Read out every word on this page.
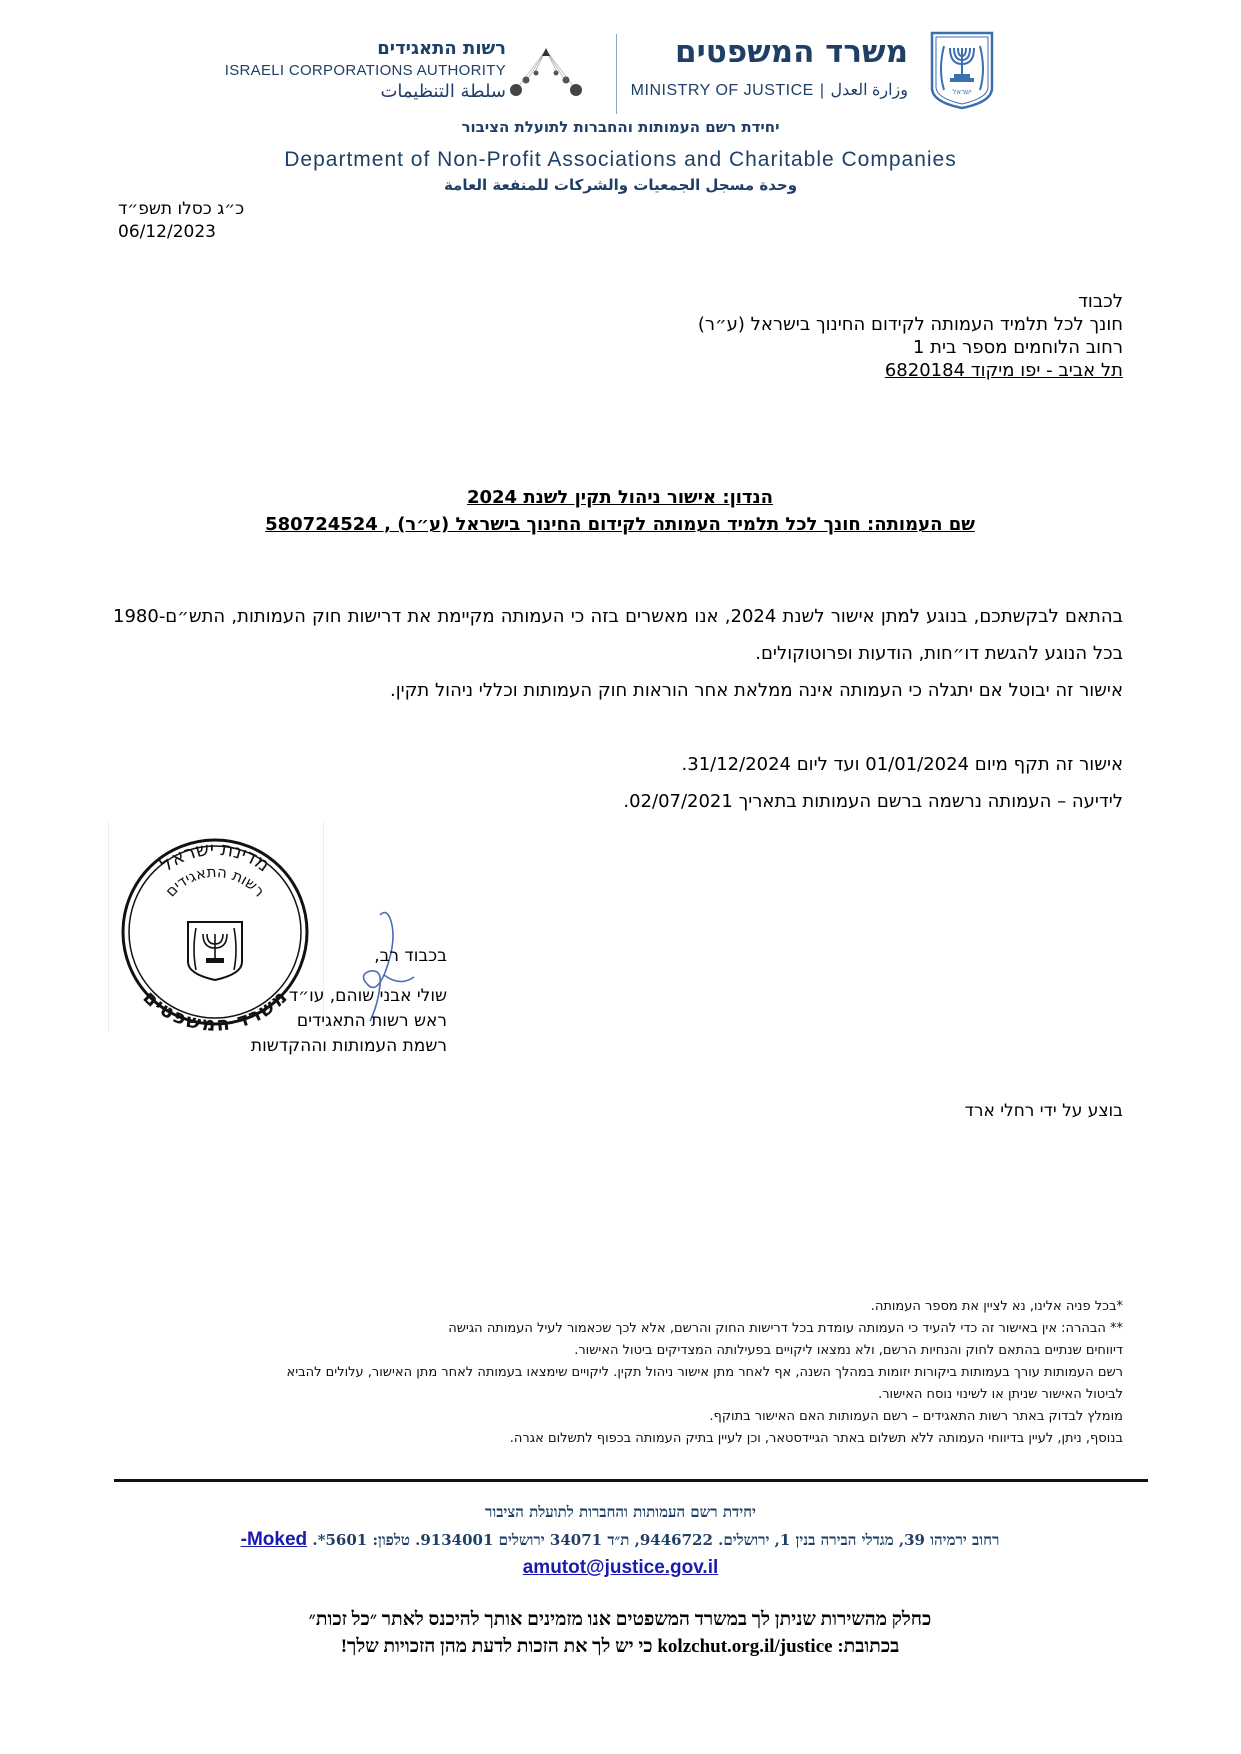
משרד המשפטים
MINISTRY OF JUSTICE | وزارة العدل	ישראל
רשות התאגידים
ISRAELI CORPORATIONS AUTHORITY
سلطة التنظيمات
יחידת רשם העמותות והחברות לתועלת הציבור
Department of Non-Profit Associations and Charitable Companies
وحدة مسجل الجمعيات والشركات للمنفعة العامة
כ״ג כסלו תשפ״ד
06/12/2023
לכבוד
חונך לכל תלמיד העמותה לקידום החינוך בישראל (ע״ר)
רחוב הלוחמים מספר בית 1
תל אביב - יפו מיקוד 6820184
הנדון: אישור ניהול תקין לשנת 2024
שם העמותה: חונך לכל תלמיד העמותה לקידום החינוך בישראל (ע״ר) , 580724524
בהתאם לבקשתכם, בנוגע למתן אישור לשנת 2024, אנו מאשרים בזה כי העמותה מקיימת את דרישות חוק העמותות, התש״ם-1980 בכל הנוגע להגשת דו״חות, הודעות ופרוטוקולים.
אישור זה יבוטל אם יתגלה כי העמותה אינה ממלאת אחר הוראות חוק העמותות וכללי ניהול תקין.
אישור זה תקף מיום 01/01/2024 ועד ליום 31/12/2024.
לידיעה – העמותה נרשמה ברשם העמותות בתאריך 02/07/2021.
מדינת ישראל
רשות התאגידים
משרד המשפטים
בכבוד רב,
שולי אבני שוהם, עו״ד
ראש רשות התאגידים
רשמת העמותות וההקדשות
בוצע על ידי רחלי ארד
*בכל פניה אלינו, נא לציין את מספר העמותה.
** הבהרה: אין באישור זה כדי להעיד כי העמותה עומדת בכל דרישות החוק והרשם, אלא לכך שכאמור לעיל העמותה הגישה
דיווחים שנתיים בהתאם לחוק והנחיות הרשם, ולא נמצאו ליקויים בפעילותה המצדיקים ביטול האישור.
רשם העמותות עורך בעמותות ביקורות יזומות במהלך השנה, אף לאחר מתן אישור ניהול תקין. ליקויים שימצאו בעמותה לאחר מתן האישור, עלולים להביא
לביטול האישור שניתן או לשינוי נוסח האישור.
מומלץ לבדוק באתר רשות התאגידים – רשם העמותות האם האישור בתוקף.
בנוסף, ניתן, לעיין בדיווחי העמותה ללא תשלום באתר הגיידסטאר, וכן לעיין בתיק העמותה בכפוף לתשלום אגרה.
יחידת רשם העמותות והחברות לתועלת הציבור
רחוב ירמיהו 39, מגדלי הבירה בנין 1, ירושלים. 9446722, ת״ד 34071 ירושלים 9134001. טלפון: 5601*. Moked-
amutot@justice.gov.il
כחלק מהשירות שניתן לך במשרד המשפטים אנו מזמינים אותך להיכנס לאתר ״כל זכות״
בכתובת: kolzchut.org.il/justice כי יש לך את הזכות לדעת מהן הזכויות שלך!
